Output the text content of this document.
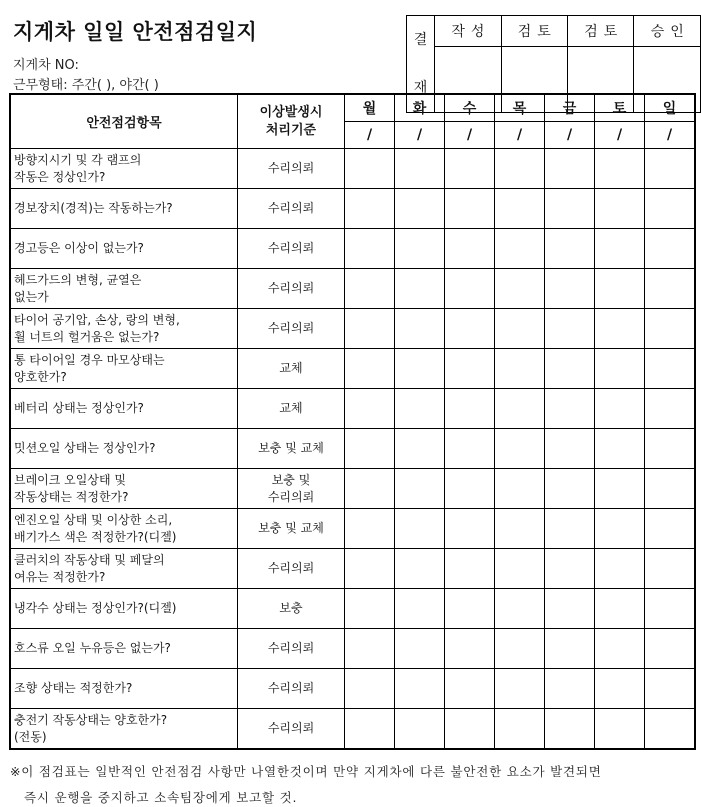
지게차 일일 안전점검일지
지게차 NO:
근무형태: 주간( ), 야간( )
결
재	작성	검토	검토	승인

안전점검항목	이상발생시
처리기준	월	화	수	목	금	토	일
		/	/	/	/	/	/	/
방향지시기 및 각 램프의
작동은 정상인가?	수리의뢰							
경보장치(경적)는 작동하는가?	수리의뢰							
경고등은 이상이 없는가?	수리의뢰							
헤드가드의 변형, 균열은
없는가	수리의뢰							
타이어 공기압, 손상, 랑의 변형,
휠 너트의 헐거움은 없는가?	수리의뢰							
통 타이어일 경우 마모상태는
양호한가?	교체							
베터리 상태는 정상인가?	교체							
밋션오일 상태는 정상인가?	보충 및 교체							
브레이크 오일상태 및
작동상태는 적정한가?	보충 및
수리의뢰							
엔진오일 상태 및 이상한 소리,
배기가스 색은 적정한가?(디젤)	보충 및 교체							
클러치의 작동상태 및 페달의
여유는 적정한가?	수리의뢰							
냉각수 상태는 정상인가?(디젤)	보충							
호스류 오일 누유등은 없는가?	수리의뢰							
조향 상태는 적정한가?	수리의뢰							
충전기 작동상태는 양호한가?
(전동)	수리의뢰							
※이 점검표는 일반적인 안전점검 사항만 나열한것이며 만약 지게차에 다른 불안전한 요소가 발견되면
즉시 운행을 중지하고 소속팀장에게 보고할 것.
